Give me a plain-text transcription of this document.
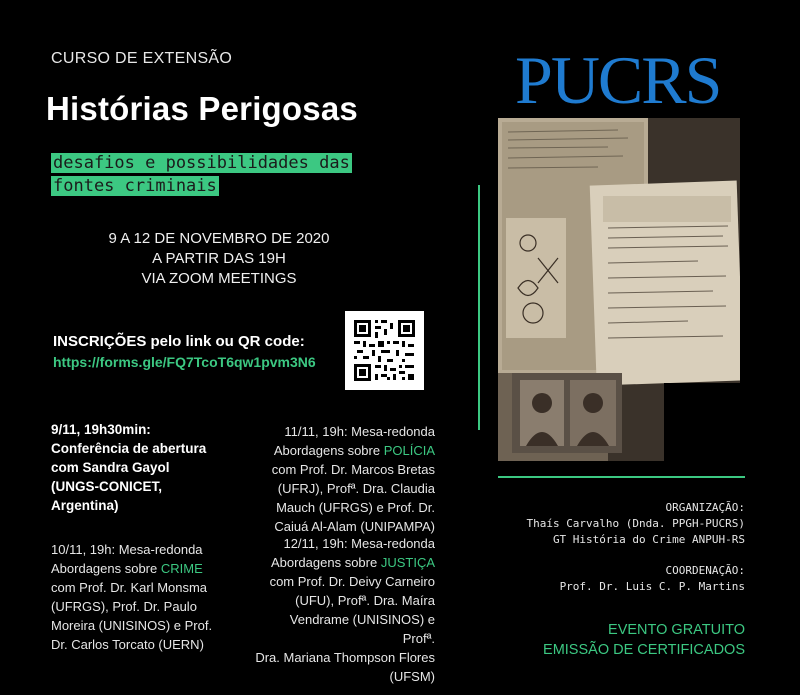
CURSO DE EXTENSÃO
Histórias Perigosas
desafios e possibilidades das fontes criminais
9 A 12 DE NOVEMBRO DE 2020
A PARTIR DAS 19H
VIA ZOOM MEETINGS
INSCRIÇÕES pelo link ou QR code:
https://forms.gle/FQ7TcoT6qw1pvm3N6
9/11, 19h30min:
Conferência de abertura
com Sandra Gayol
(UNGS-CONICET,
Argentina)
10/11, 19h: Mesa-redonda
Abordagens sobre CRIME
com Prof. Dr. Karl Monsma
(UFRGS), Prof. Dr. Paulo
Moreira (UNISINOS) e Prof.
Dr. Carlos Torcato (UERN)
11/11, 19h: Mesa-redonda
Abordagens sobre POLÍCIA
com Prof. Dr. Marcos Bretas
(UFRJ), Profª. Dra. Claudia
Mauch (UFRGS) e Prof. Dr.
Caiuá Al-Alam (UNIPAMPA)
12/11, 19h: Mesa-redonda
Abordagens sobre JUSTIÇA
com Prof. Dr. Deivy Carneiro
(UFU), Profª. Dra. Maíra
Vendrame (UNISINOS) e Profª.
Dra. Mariana Thompson Flores
(UFSM)
PUCRS
ORGANIZAÇÃO:
Thaís Carvalho (Dnda. PPGH-PUCRS)
GT História do Crime ANPUH-RS
COORDENAÇÃO:
Prof. Dr. Luis C. P. Martins
EVENTO GRATUITO
EMISSÃO DE CERTIFICADOS
